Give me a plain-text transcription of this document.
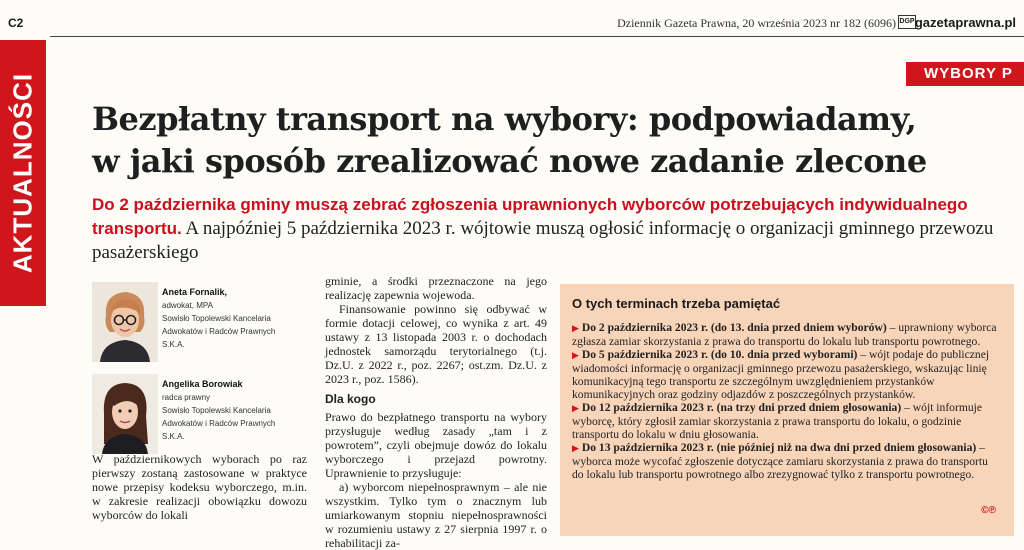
C2	Dziennik Gazeta Prawna, 20 września 2023 nr 182 (6096) DGP gazetaprawna.pl
AKTUALNOŚCI	WYBORY P
Bezpłatny transport na wybory: podpowiadamy,
w jaki sposób zrealizować nowe zadanie zlecone
Do 2 października gminy muszą zebrać zgłoszenia uprawnionych wyborców potrzebujących indywidualnego transportu. A najpóźniej 5 października 2023 r. wójtowie muszą ogłosić informację o organizacji gminnego przewozu pasażerskiego
Aneta Fornalik,
adwokat, MPA
Sowisło Topolewski Kancelaria
Adwokatów i Radców Prawnych
S.K.A.
Angelika Borowiak
radca prawny
Sowisło Topolewski Kancelaria
Adwokatów i Radców Prawnych
S.K.A.

W październikowych wyborach po raz pierwszy zostaną zastosowane w praktyce nowe przepisy kodeksu wyborczego, m.in. w zakresie realizacji obowiązku dowozu wyborców do lokali

gminie, a środki przeznaczone na jego realizację zapewnia wojewoda.

Finansowanie powinno się odbywać w formie dotacji celowej, co wynika z art. 49 ustawy z 13 listopada 2003 r. o dochodach jednostek samorządu terytorialnego (t.j. Dz.U. z 2022 r., poz. 2267; ost.zm. Dz.U. z 2023 r., poz. 1586).

Dla kogo

Prawo do bezpłatnego transportu na wybory przysługuje według zasady „tam i z powrotem”, czyli obejmuje dowóz do lokalu wyborczego i przejazd powrotny. Uprawnienie to przysługuje:

a) wyborcom niepełnosprawnym – ale nie wszystkim. Tylko tym o znacznym lub umiarkowanym stopniu niepełnosprawności w rozumieniu ustawy z 27 sierpnia 1997 r. o rehabilitacji za-

O tych terminach trzeba pamiętać
▶ Do 2 października 2023 r. (do 13. dnia przed dniem wyborów) – uprawniony wyborca zgłasza zamiar skorzystania z prawa do transportu do lokalu lub transportu powrotnego.
▶ Do 5 października 2023 r. (do 10. dnia przed wyborami) – wójt podaje do publicznej wiadomości informację o organizacji gminnego przewozu pasażerskiego, wskazując linię komunikacyjną tego transportu ze szczególnym uwzględnieniem przystanków komunikacyjnych oraz godziny odjazdów z poszczególnych przystanków.
▶ Do 12 października 2023 r. (na trzy dni przed dniem głosowania) – wójt informuje wyborcę, który zgłosił zamiar skorzystania z prawa transportu do lokalu, o godzinie transportu do lokalu w dniu głosowania.
▶ Do 13 października 2023 r. (nie później niż na dwa dni przed dniem głosowania) – wyborca może wycofać zgłoszenie dotyczące zamiaru skorzystania z prawa do transportu do lokalu lub transportu powrotnego albo zrezygnować tylko z transportu powrotnego.
©℗
